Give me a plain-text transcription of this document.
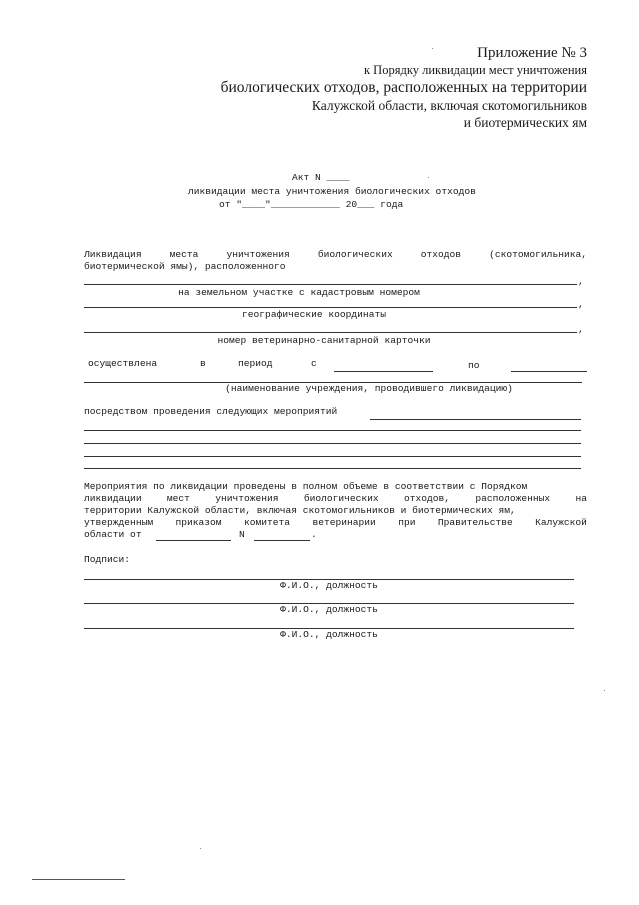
Приложение № 3
к Порядку ликвидации мест уничтожения
биологических отходов, расположенных на территории
Калужской области, включая скотомогильников
и биотермических ям
Акт N ____
ликвидации места уничтожения биологических отходов
от "____"____________ 20___ года
Ликвидация	места	уничтожения	биологических	отходов	(скотомогильника,
биотермической ямы), расположенного
,
на земельном участке с кадастровым номером
,
географические координаты
,
номер ветеринарно-санитарной карточки
осуществлена	в	период	с	по
(наименование учреждения, проводившего ликвидацию)
посредством проведения следующих мероприятий
Мероприятия по ликвидации проведены в полном объеме в соответствии с Порядком
ликвидации	мест	уничтожения	биологических	отходов,	расположенных	на
территории Калужской области, включая скотомогильников и биотермических ям,
утвержденным приказом комитета ветеринарии при Правительстве Калужской
области от	N	.
Подписи:
Ф.И.О., должность
Ф.И.О., должность
Ф.И.О., должность
